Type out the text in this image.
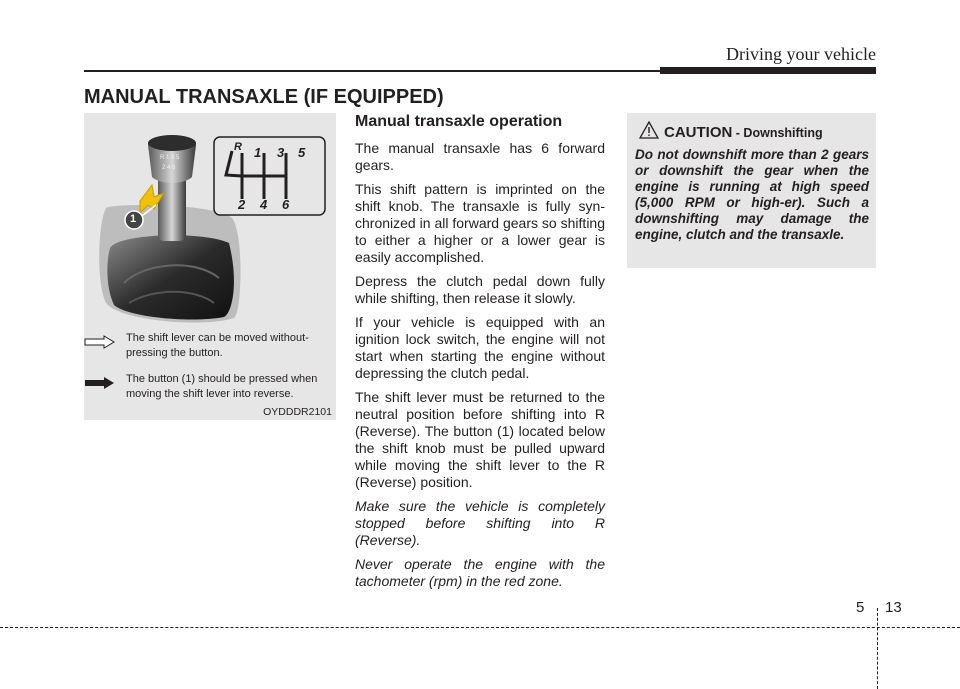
Driving your vehicle
MANUAL TRANSAXLE (IF EQUIPPED)
R 1 3 5
2 4 6
R 1 3 5
2 4 6
1
The shift lever can be moved without-
pressing the button.
The button (1) should be pressed when
moving the shift lever into reverse.
OYDDDR2101
Manual transaxle operation

The manual transaxle has 6 forward gears.

This shift pattern is imprinted on the shift knob. The transaxle is fully syn-chronized in all forward gears so shifting to either a higher or a lower gear is easily accomplished.

Depress the clutch pedal down fully while shifting, then release it slowly.

If your vehicle is equipped with an ignition lock switch, the engine will not start when starting the engine without depressing the clutch pedal.

The shift lever must be returned to the neutral position before shifting into R (Reverse). The button (1) located below the shift knob must be pulled upward while moving the shift lever to the R (Reverse) position.

Make sure the vehicle is completely stopped before shifting into R (Reverse).

Never operate the engine with the tachometer (rpm) in the red zone.

CAUTION - Downshifting
Do not downshift more than 2 gears or downshift the gear when the engine is running at high speed (5,000 RPM or high-er). Such a downshifting may damage the engine, clutch and the transaxle.
5 13
